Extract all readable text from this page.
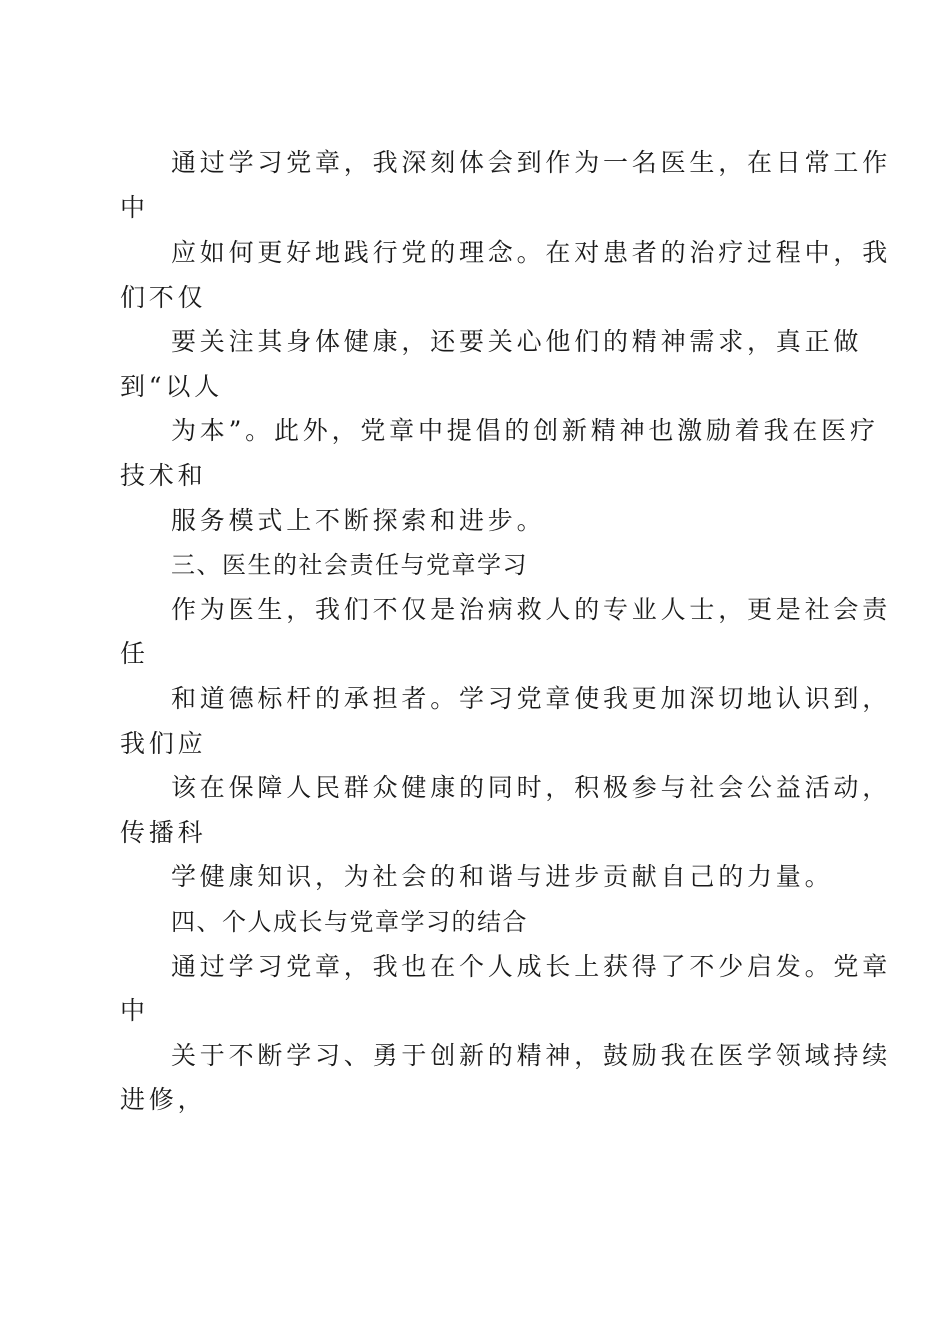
通过学习党章，我深刻体会到作为一名医生，在日常工作
中
应如何更好地践行党的理念。在对患者的治疗过程中，我
们不仅
要关注其身体健康，还要关心他们的精神需求，真正做
到“以人
为本”。此外，党章中提倡的创新精神也激励着我在医疗
技术和
服务模式上不断探索和进步。
三、医生的社会责任与党章学习
作为医生，我们不仅是治病救人的专业人士，更是社会责
任
和道德标杆的承担者。学习党章使我更加深切地认识到，
我们应
该在保障人民群众健康的同时，积极参与社会公益活动，
传播科
学健康知识，为社会的和谐与进步贡献自己的力量。
四、个人成长与党章学习的结合
通过学习党章，我也在个人成长上获得了不少启发。党章
中
关于不断学习、勇于创新的精神，鼓励我在医学领域持续
进修，
